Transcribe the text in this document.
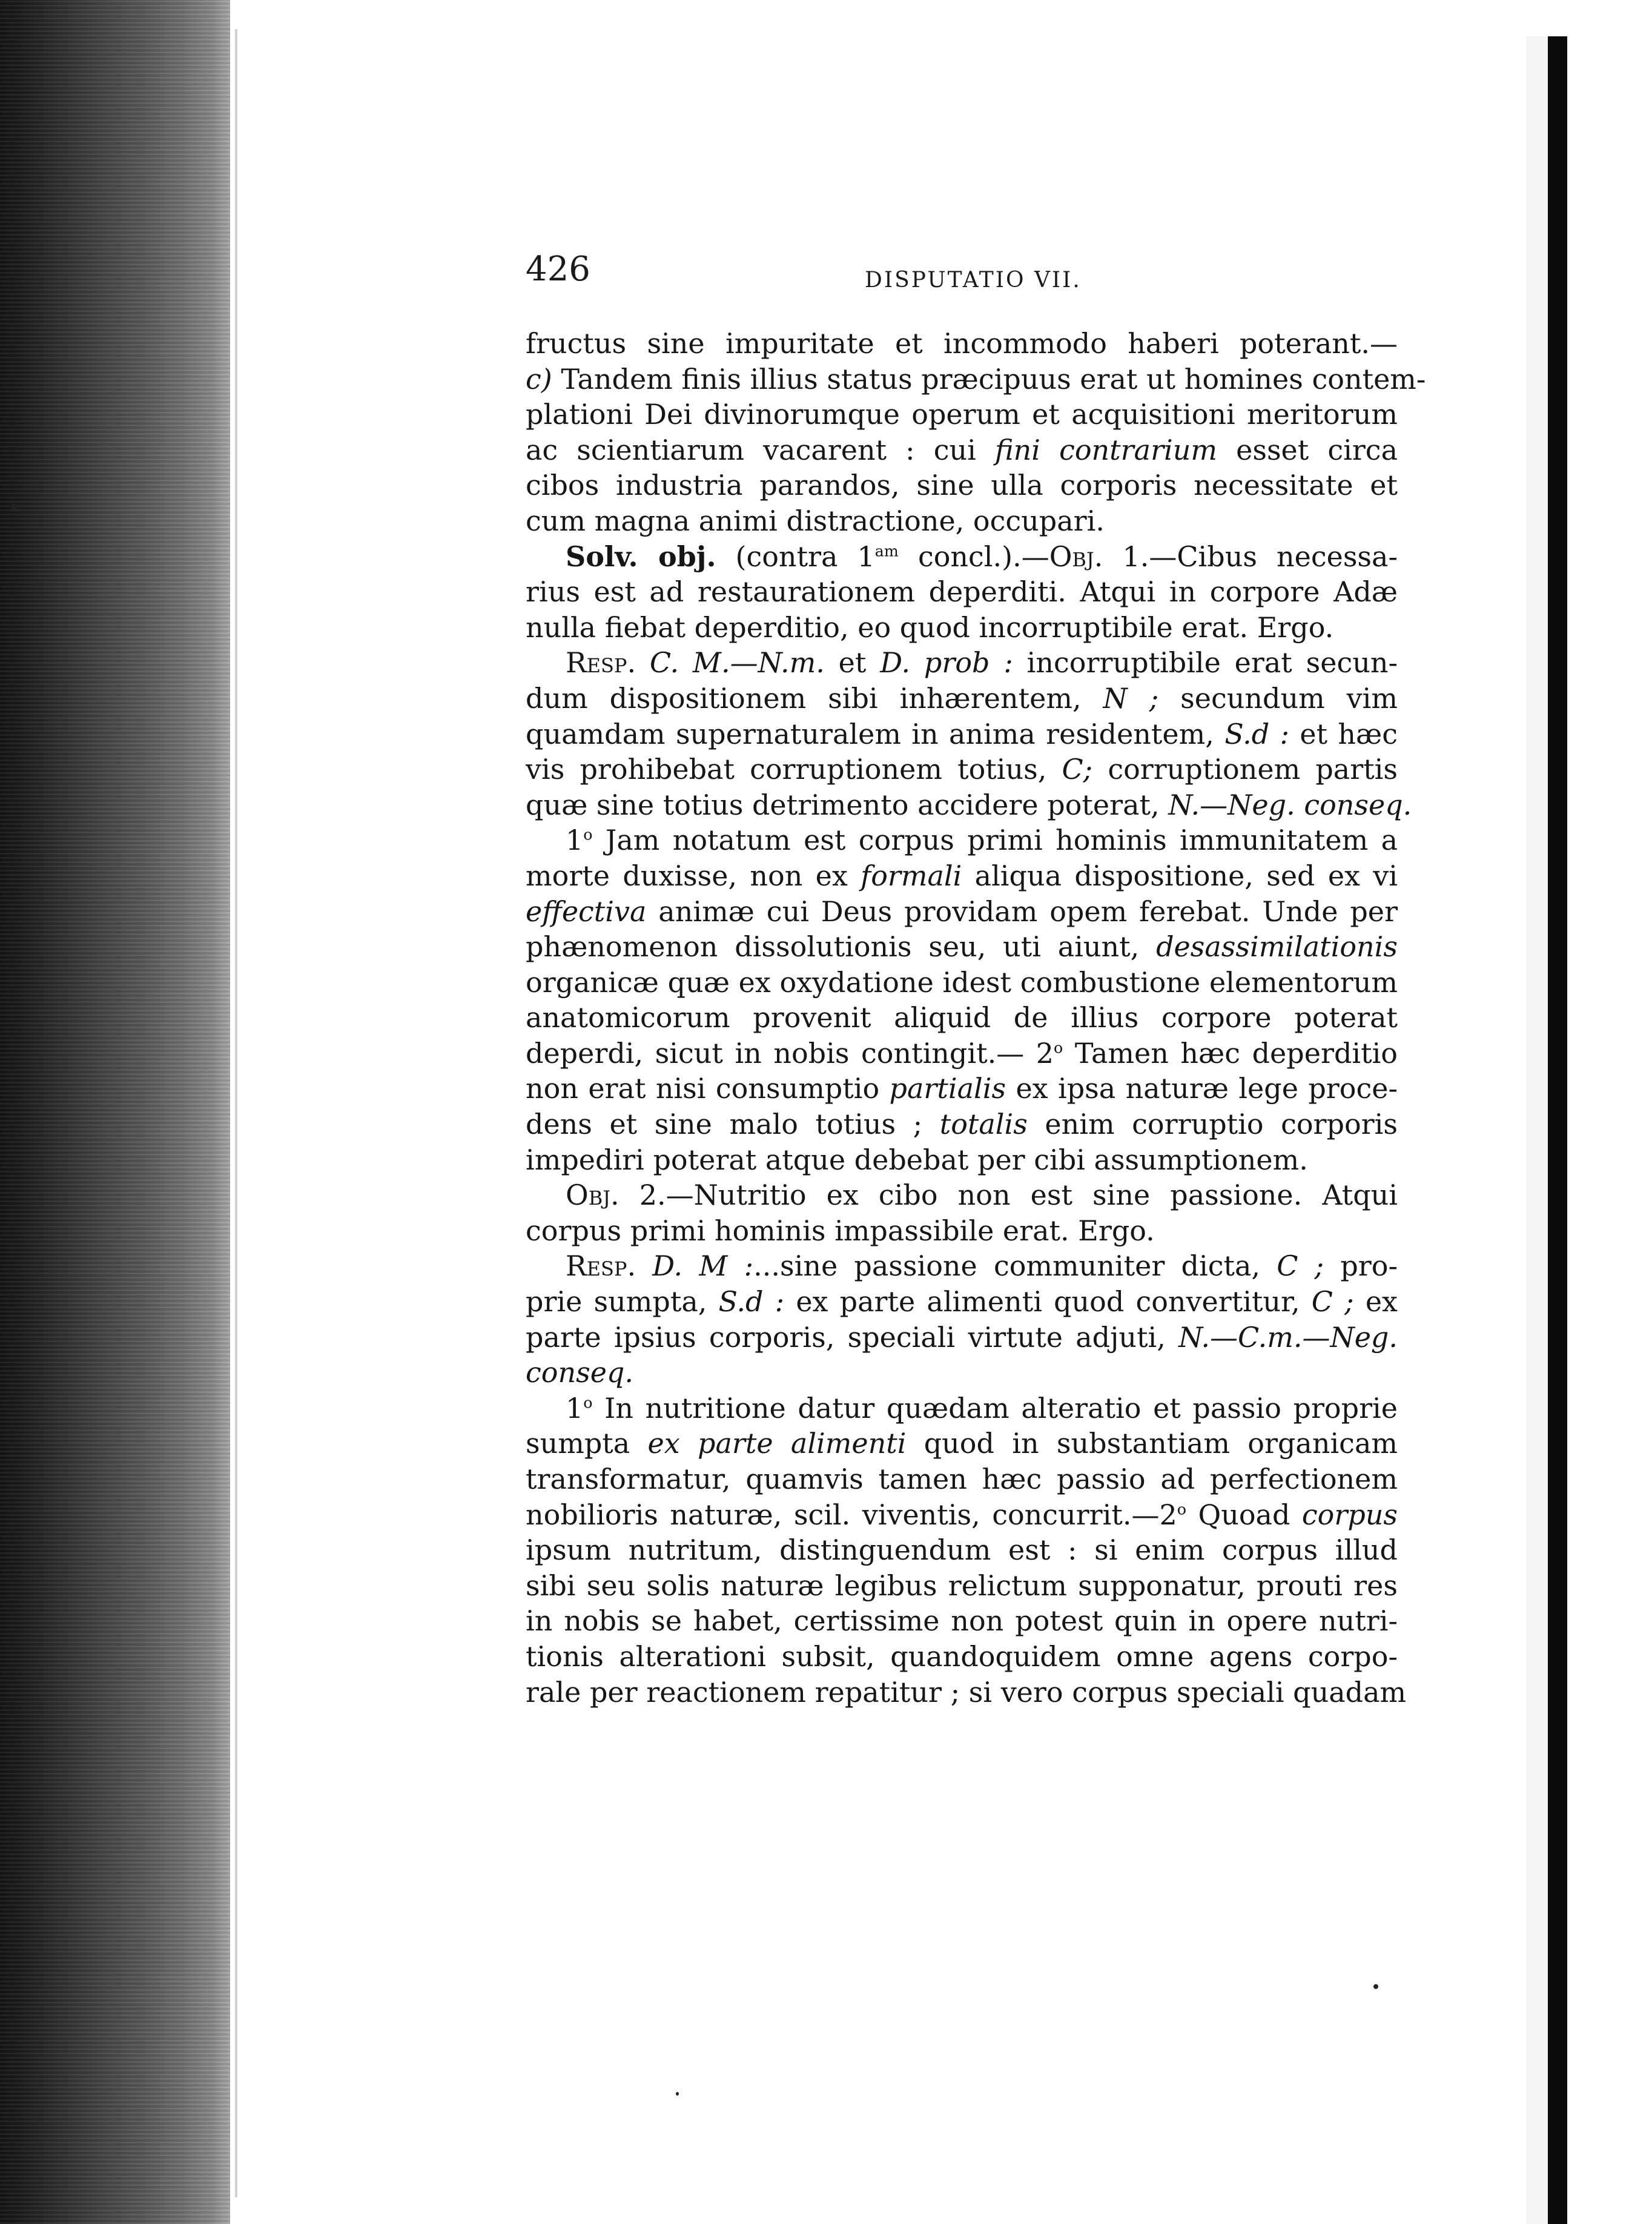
426	DISPUTATIO VII.
fructus sine impuritate et incommodo haberi poterant.—
c) Tandem finis illius status præcipuus erat ut homines contem-
plationi Dei divinorumque operum et acquisitioni meritorum
ac scientiarum vacarent : cui fini contrarium esset circa
cibos industria parandos, sine ulla corporis necessitate et
cum magna animi distractione, occupari.
Solv. obj. (contra $1^{am}$ concl.).—Obj. 1.—Cibus necessa-
rius est ad restaurationem deperditi. Atqui in corpore Adæ
nulla fiebat deperditio, eo quod incorruptibile erat. Ergo.
Resp. C. M.—N.m. et D. prob : incorruptibile erat secun-
dum dispositionem sibi inhærentem, N ; secundum vim
quamdam supernaturalem in anima residentem, S.d : et hæc
vis prohibebat corruptionem totius, C; corruptionem partis
quæ sine totius detrimento accidere poterat, N.—Neg. conseq.
1$^o$ Jam notatum est corpus primi hominis immunitatem a
morte duxisse, non ex formali aliqua dispositione, sed ex vi
effectiva animæ cui Deus providam opem ferebat. Unde per
phænomenon dissolutionis seu, uti aiunt, desassimilationis
organicæ quæ ex oxydatione idest combustione elementorum
anatomicorum provenit aliquid de illius corpore poterat
deperdi, sicut in nobis contingit.— 2$^o$ Tamen hæc deperditio
non erat nisi consumptio partialis ex ipsa naturæ lege proce-
dens et sine malo totius ; totalis enim corruptio corporis
impediri poterat atque debebat per cibi assumptionem.
Obj. 2.—Nutritio ex cibo non est sine passione. Atqui
corpus primi hominis impassibile erat. Ergo.
Resp. D. M :...sine passione communiter dicta, C ; pro-
prie sumpta, S.d : ex parte alimenti quod convertitur, C ; ex
parte ipsius corporis, speciali virtute adjuti, N.—C.m.—Neg.
conseq.
1$^o$ In nutritione datur quædam alteratio et passio proprie
sumpta ex parte alimenti quod in substantiam organicam
transformatur, quamvis tamen hæc passio ad perfectionem
nobilioris naturæ, scil. viventis, concurrit.—2$^o$ Quoad corpus
ipsum nutritum, distinguendum est : si enim corpus illud
sibi seu solis naturæ legibus relictum supponatur, prouti res
in nobis se habet, certissime non potest quin in opere nutri-
tionis alterationi subsit, quandoquidem omne agens corpo-
rale per reactionem repatitur ; si vero corpus speciali quadam
